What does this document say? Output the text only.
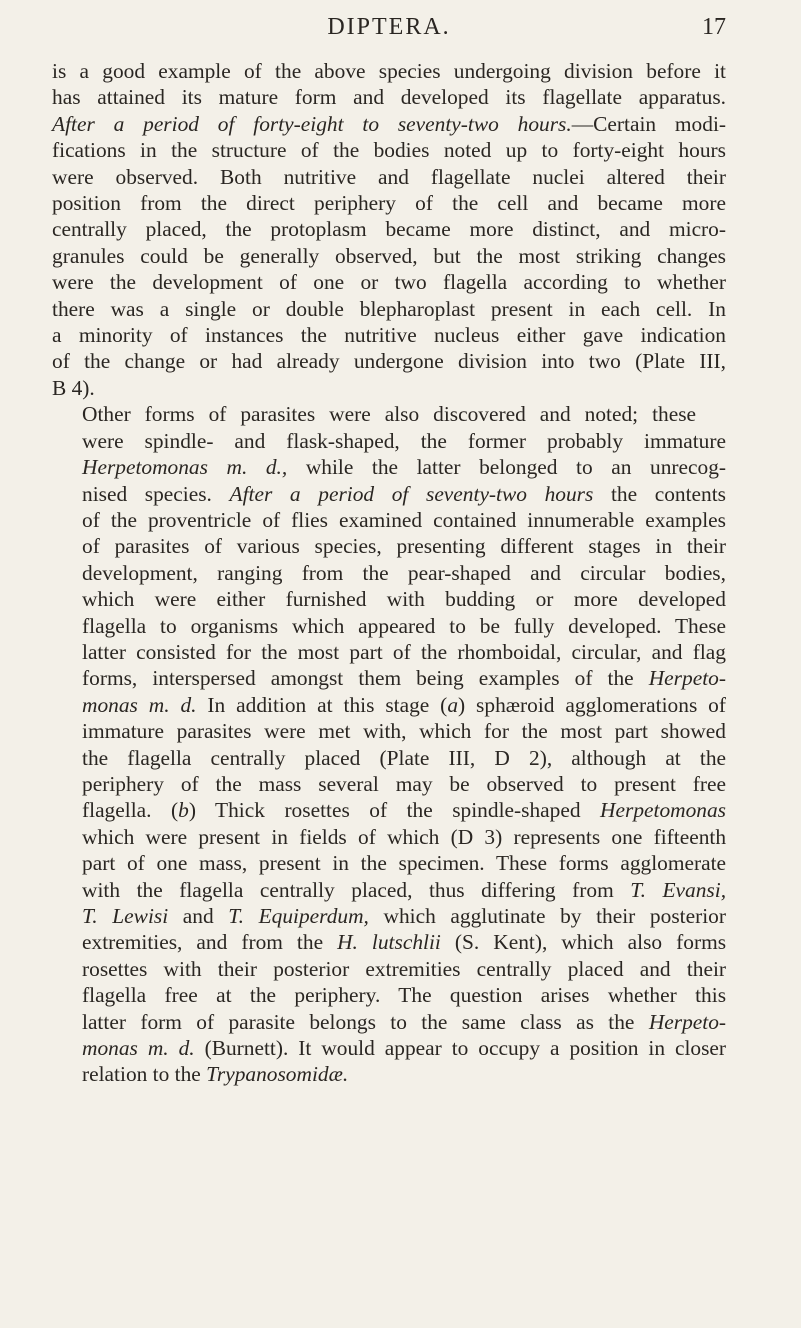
DIPTERA.	17

is a good example of the above species undergoing division before it
has attained its mature form and developed its flagellate apparatus.
After a period of forty-eight to seventy-two hours.—Certain modi-
fications in the structure of the bodies noted up to forty-eight hours
were observed. Both nutritive and flagellate nuclei altered their
position from the direct periphery of the cell and became more
centrally placed, the protoplasm became more distinct, and micro-
granules could be generally observed, but the most striking changes
were the development of one or two flagella according to whether
there was a single or double blepharoplast present in each cell. In
a minority of instances the nutritive nucleus either gave indication
of the change or had already undergone division into two (Plate III,
B 4).

Other forms of parasites were also discovered and noted; these
were spindle- and flask-shaped, the former probably immature
Herpetomonas m. d., while the latter belonged to an unrecog-
nised species. After a period of seventy-two hours the contents
of the proventricle of flies examined contained innumerable examples
of parasites of various species, presenting different stages in their
development, ranging from the pear-shaped and circular bodies,
which were either furnished with budding or more developed
flagella to organisms which appeared to be fully developed. These
latter consisted for the most part of the rhomboidal, circular, and flag
forms, interspersed amongst them being examples of the Herpeto-
monas m. d. In addition at this stage (a) sphæroid agglomerations of
immature parasites were met with, which for the most part showed
the flagella centrally placed (Plate III, D 2), although at the
periphery of the mass several may be observed to present free
flagella. (b) Thick rosettes of the spindle-shaped Herpetomonas
which were present in fields of which (D 3) represents one fifteenth
part of one mass, present in the specimen. These forms agglomerate
with the flagella centrally placed, thus differing from T. Evansi,
T. Lewisi and T. Equiperdum, which agglutinate by their posterior
extremities, and from the H. lutschlii (S. Kent), which also forms
rosettes with their posterior extremities centrally placed and their
flagella free at the periphery. The question arises whether this
latter form of parasite belongs to the same class as the Herpeto-
monas m. d. (Burnett). It would appear to occupy a position in closer
relation to the Trypanosomidæ.
